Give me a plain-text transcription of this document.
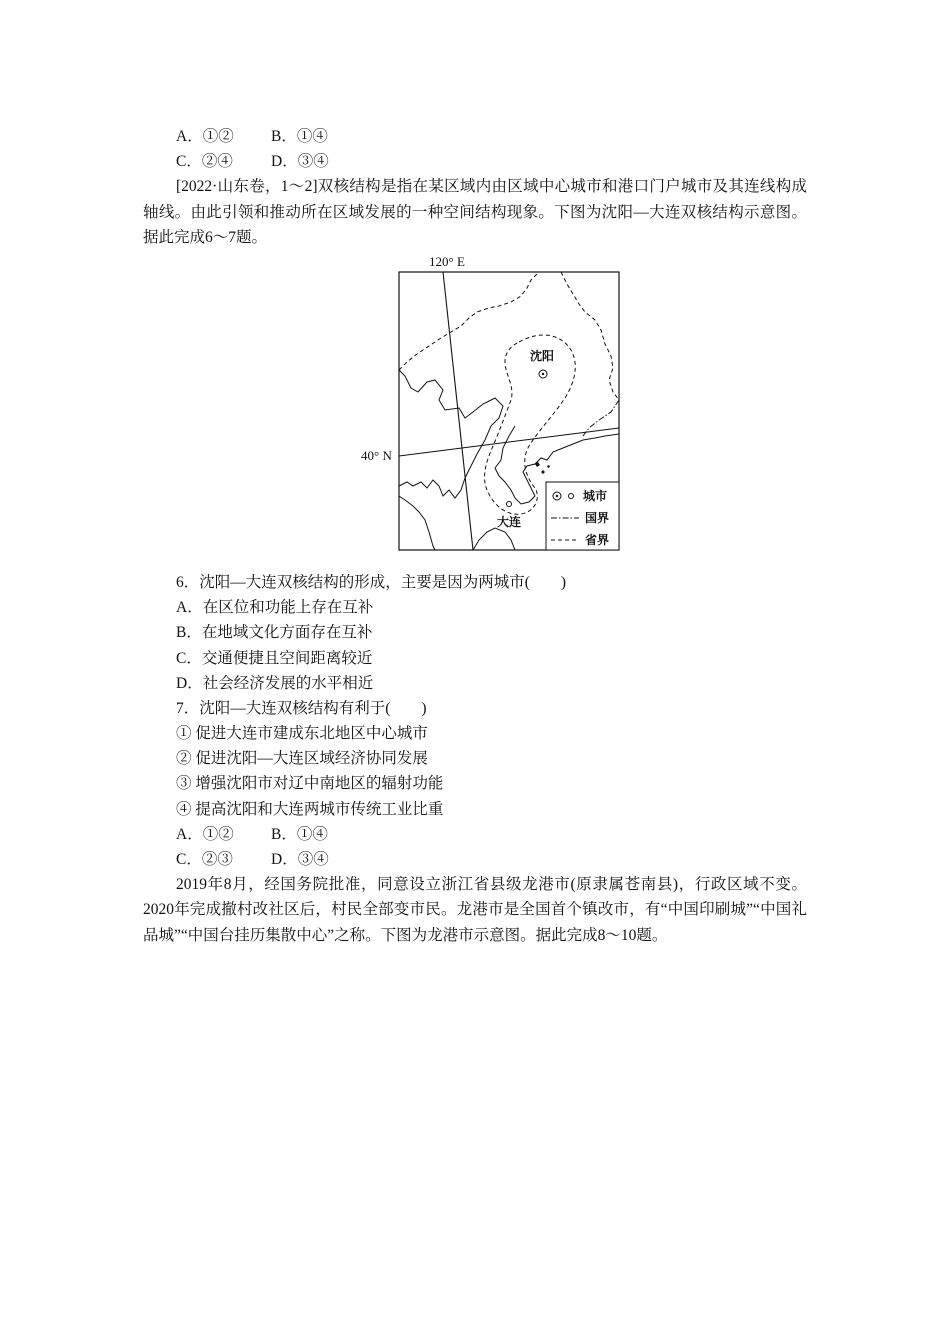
A．①② B．①④
C．②④ D．③④
[2022·山东卷，1～2]双核结构是指在某区域内由区域中心城市和港口门户城市及其连线构成轴线。由此引领和推动所在区域发展的一种空间结构现象。下图为沈阳—大连双核结构示意图。据此完成6～7题。
120° E
40° N
沈阳
大连
城市
国界
省界
6．沈阳—大连双核结构的形成，主要是因为两城市(　　)
A．在区位和功能上存在互补
B．在地域文化方面存在互补
C．交通便捷且空间距离较近
D．社会经济发展的水平相近
7．沈阳—大连双核结构有利于(　　)
① 促进大连市建成东北地区中心城市
② 促进沈阳—大连区域经济协同发展
③ 增强沈阳市对辽中南地区的辐射功能
④ 提高沈阳和大连两城市传统工业比重
A．①② B．①④
C．②③ D．③④
2019年8月，经国务院批准，同意设立浙江省县级龙港市(原隶属苍南县)，行政区域不变。2020年完成撤村改社区后，村民全部变市民。龙港市是全国首个镇改市，有“中国印刷城”“中国礼品城”“中国台挂历集散中心”之称。下图为龙港市示意图。据此完成8～10题。
